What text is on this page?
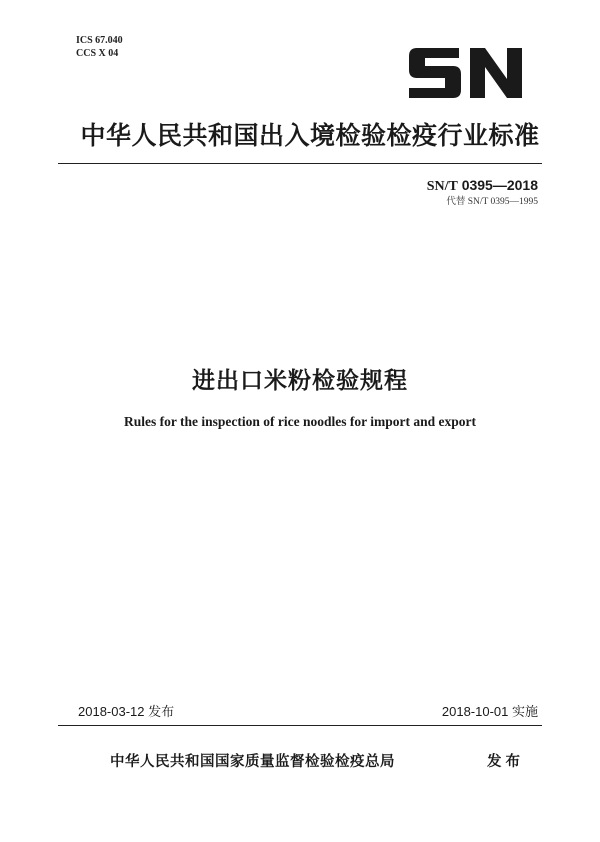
ICS 67.040
CCS X 04
SN
中华人民共和国出入境检验检疫行业标准
SN/T 0395—2018
代替 SN/T 0395—1995
进出口米粉检验规程
Rules for the inspection of rice noodles for import and export
2018-03-12 发布	2018-10-01 实施
中华人民共和国国家质量监督检验检疫总局	发布
